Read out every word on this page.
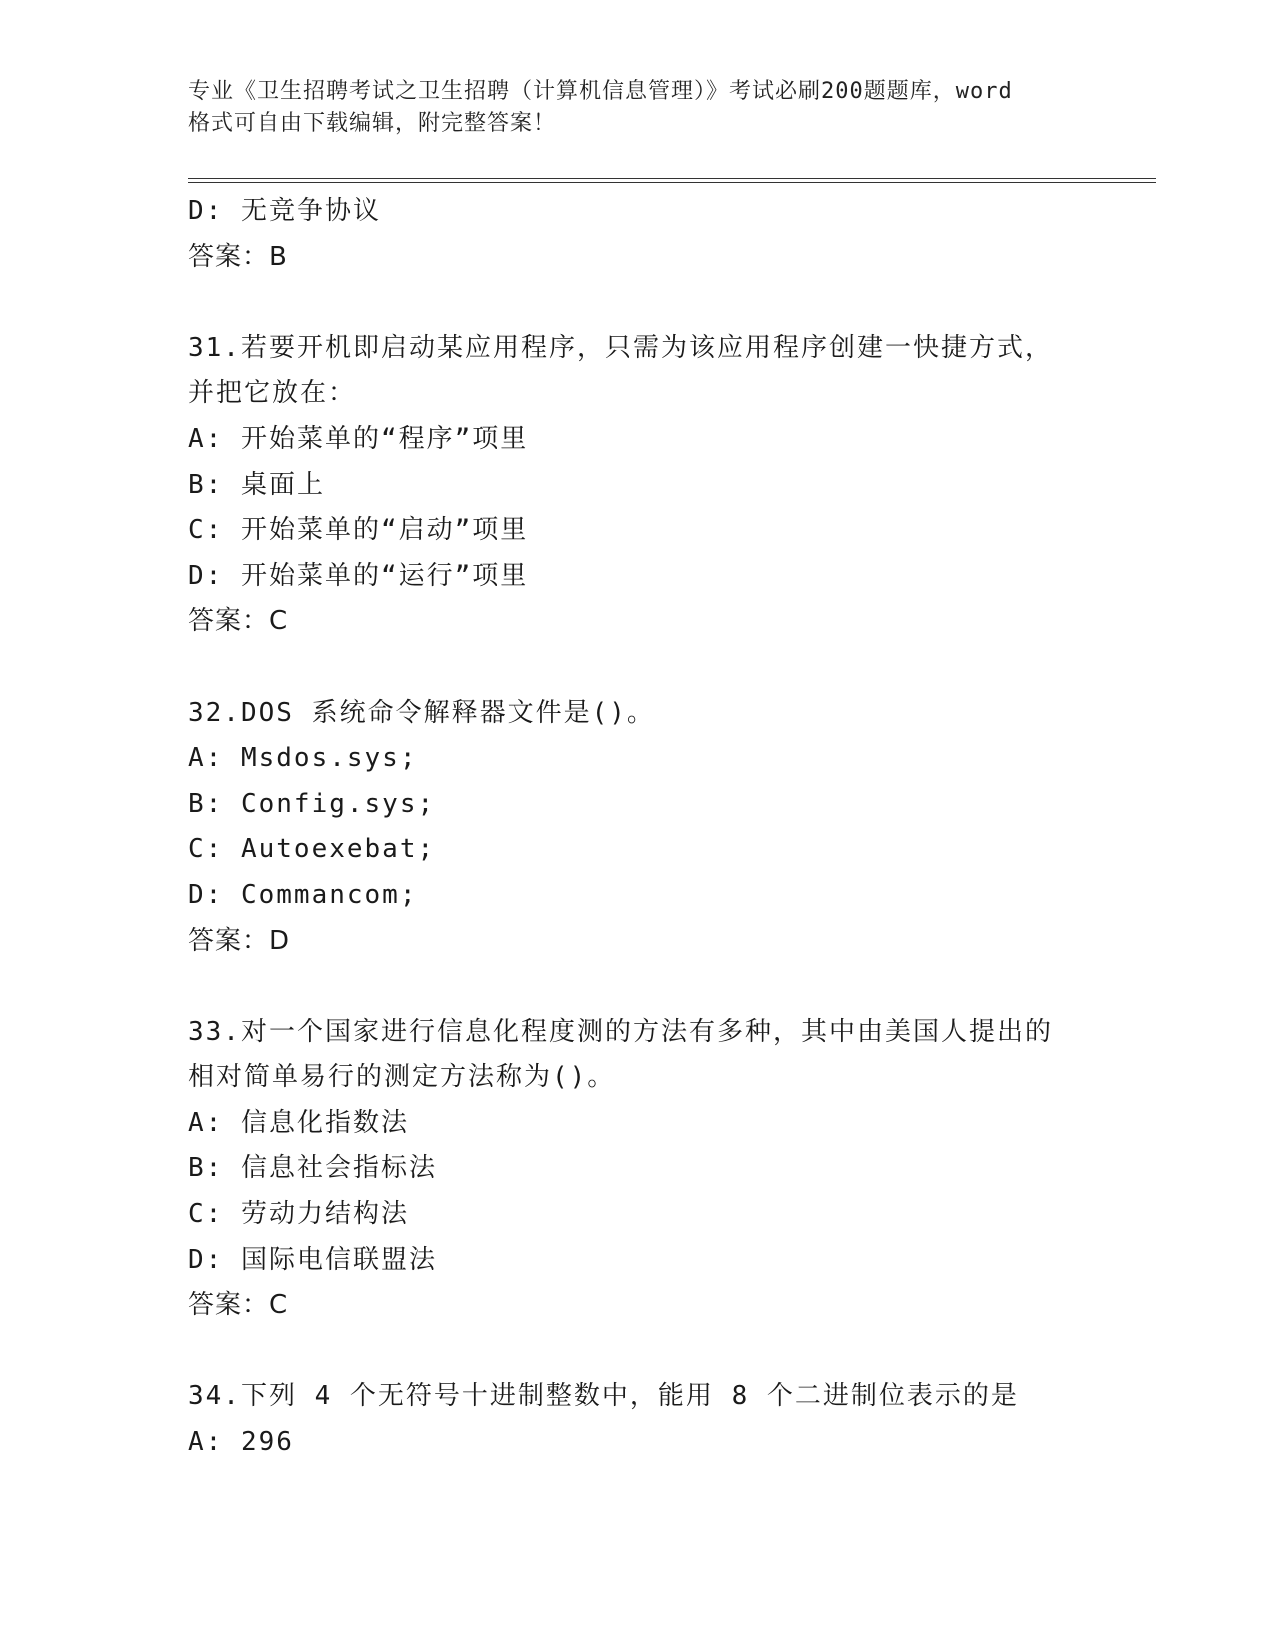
专业《卫生招聘考试之卫生招聘（计算机信息管理）》考试必刷200题题库，word
格式可自由下载编辑，附完整答案！
D: 无竞争协议
答案：B
31.若要开机即启动某应用程序，只需为该应用程序创建一快捷方式，
并把它放在：
A: 开始菜单的“程序”项里
B: 桌面上
C: 开始菜单的“启动”项里
D: 开始菜单的“运行”项里
答案：C
32.DOS 系统命令解释器文件是()。
A: Msdos.sys;
B: Config.sys;
C: Autoexebat;
D: Commancom;
答案：D
33.对一个国家进行信息化程度测的方法有多种，其中由美国人提出的
相对简单易行的测定方法称为()。
A: 信息化指数法
B: 信息社会指标法
C: 劳动力结构法
D: 国际电信联盟法
答案：C
34.下列 4 个无符号十进制整数中，能用 8 个二进制位表示的是
A: 296
